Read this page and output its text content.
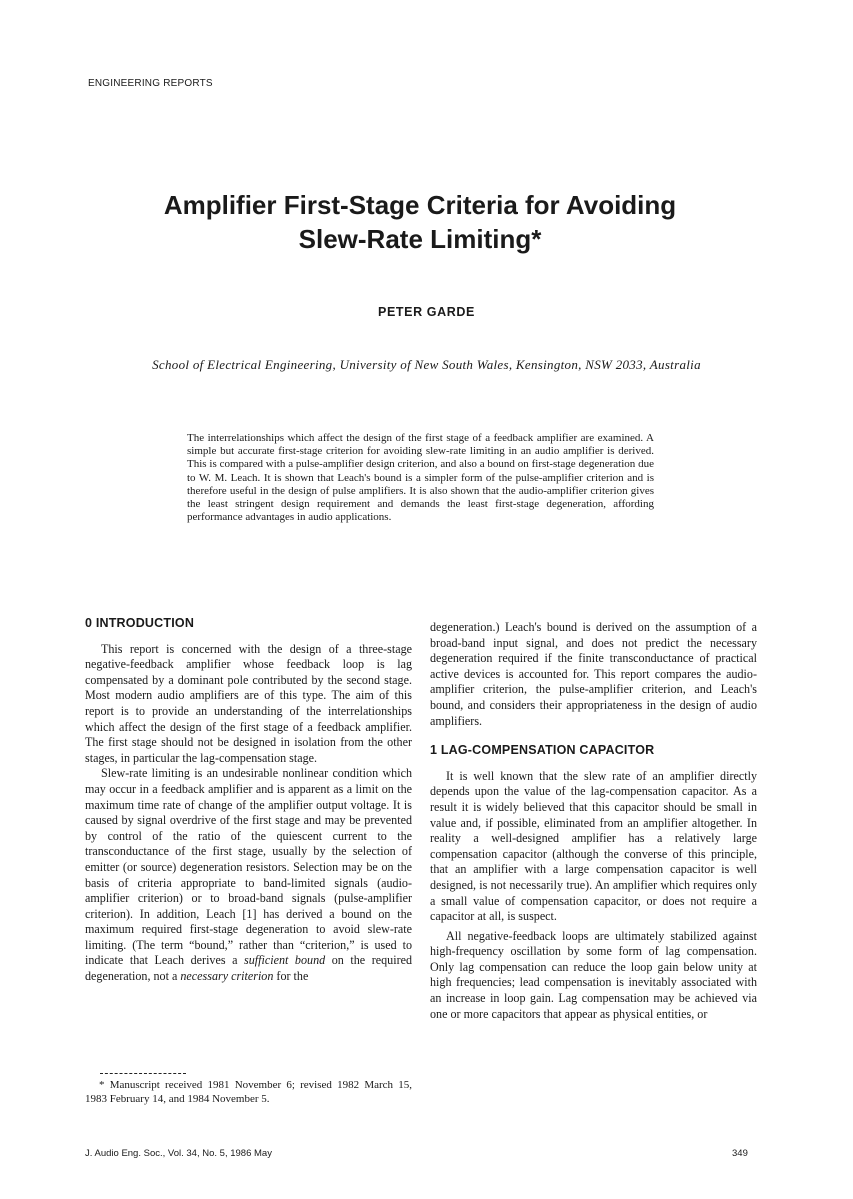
ENGINEERING REPORTS
Amplifier First-Stage Criteria for Avoiding
Slew-Rate Limiting*
PETER GARDE
School of Electrical Engineering, University of New South Wales, Kensington, NSW 2033, Australia

The interrelationships which affect the design of the first stage of a feedback amplifier are examined. A simple but accurate first-stage criterion for avoiding slew-rate limiting in an audio amplifier is derived. This is compared with a pulse-amplifier design criterion, and also a bound on first-stage degeneration due to W. M. Leach. It is shown that Leach's bound is a simpler form of the pulse-amplifier criterion and is therefore useful in the design of pulse amplifiers. It is also shown that the audio-amplifier criterion gives the least stringent design requirement and demands the least first-stage degeneration, affording performance advantages in audio applications.

0 INTRODUCTION

This report is concerned with the design of a three-stage negative-feedback amplifier whose feedback loop is lag compensated by a dominant pole contributed by the second stage. Most modern audio amplifiers are of this type. The aim of this report is to provide an understanding of the interrelationships which affect the design of the first stage of a feedback amplifier. The first stage should not be designed in isolation from the other stages, in particular the lag-compensation stage.

Slew-rate limiting is an undesirable nonlinear condition which may occur in a feedback amplifier and is apparent as a limit on the maximum time rate of change of the amplifier output voltage. It is caused by signal overdrive of the first stage and may be prevented by control of the ratio of the quiescent current to the transconductance of the first stage, usually by the selection of emitter (or source) degeneration resistors. Selection may be on the basis of criteria appropriate to band-limited signals (audio-amplifier criterion) or to broad-band signals (pulse-amplifier criterion). In addition, Leach [1] has derived a bound on the maximum required first-stage degeneration to avoid slew-rate limiting. (The term “bound,” rather than “criterion,” is used to indicate that Leach derives a sufficient bound on the required degeneration, not a necessary criterion for the

degeneration.) Leach's bound is derived on the assumption of a broad-band input signal, and does not predict the necessary degeneration required if the finite transconductance of practical active devices is accounted for. This report compares the audio-amplifier criterion, the pulse-amplifier criterion, and Leach's bound, and considers their appropriateness in the design of audio amplifiers.

1 LAG-COMPENSATION CAPACITOR

It is well known that the slew rate of an amplifier directly depends upon the value of the lag-compensation capacitor. As a result it is widely believed that this capacitor should be small in value and, if possible, eliminated from an amplifier altogether. In reality a well-designed amplifier has a relatively large compensation capacitor (although the converse of this principle, that an amplifier with a large compensation capacitor is well designed, is not necessarily true). An amplifier which requires only a small value of compensation capacitor, or does not require a capacitor at all, is suspect.

All negative-feedback loops are ultimately stabilized against high-frequency oscillation by some form of lag compensation. Only lag compensation can reduce the loop gain below unity at high frequencies; lead compensation is inevitably associated with an increase in loop gain. Lag compensation may be achieved via one or more capacitors that appear as physical entities, or

* Manuscript received 1981 November 6; revised 1982 March 15, 1983 February 14, and 1984 November 5.
J. Audio Eng. Soc., Vol. 34, No. 5, 1986 May	349
